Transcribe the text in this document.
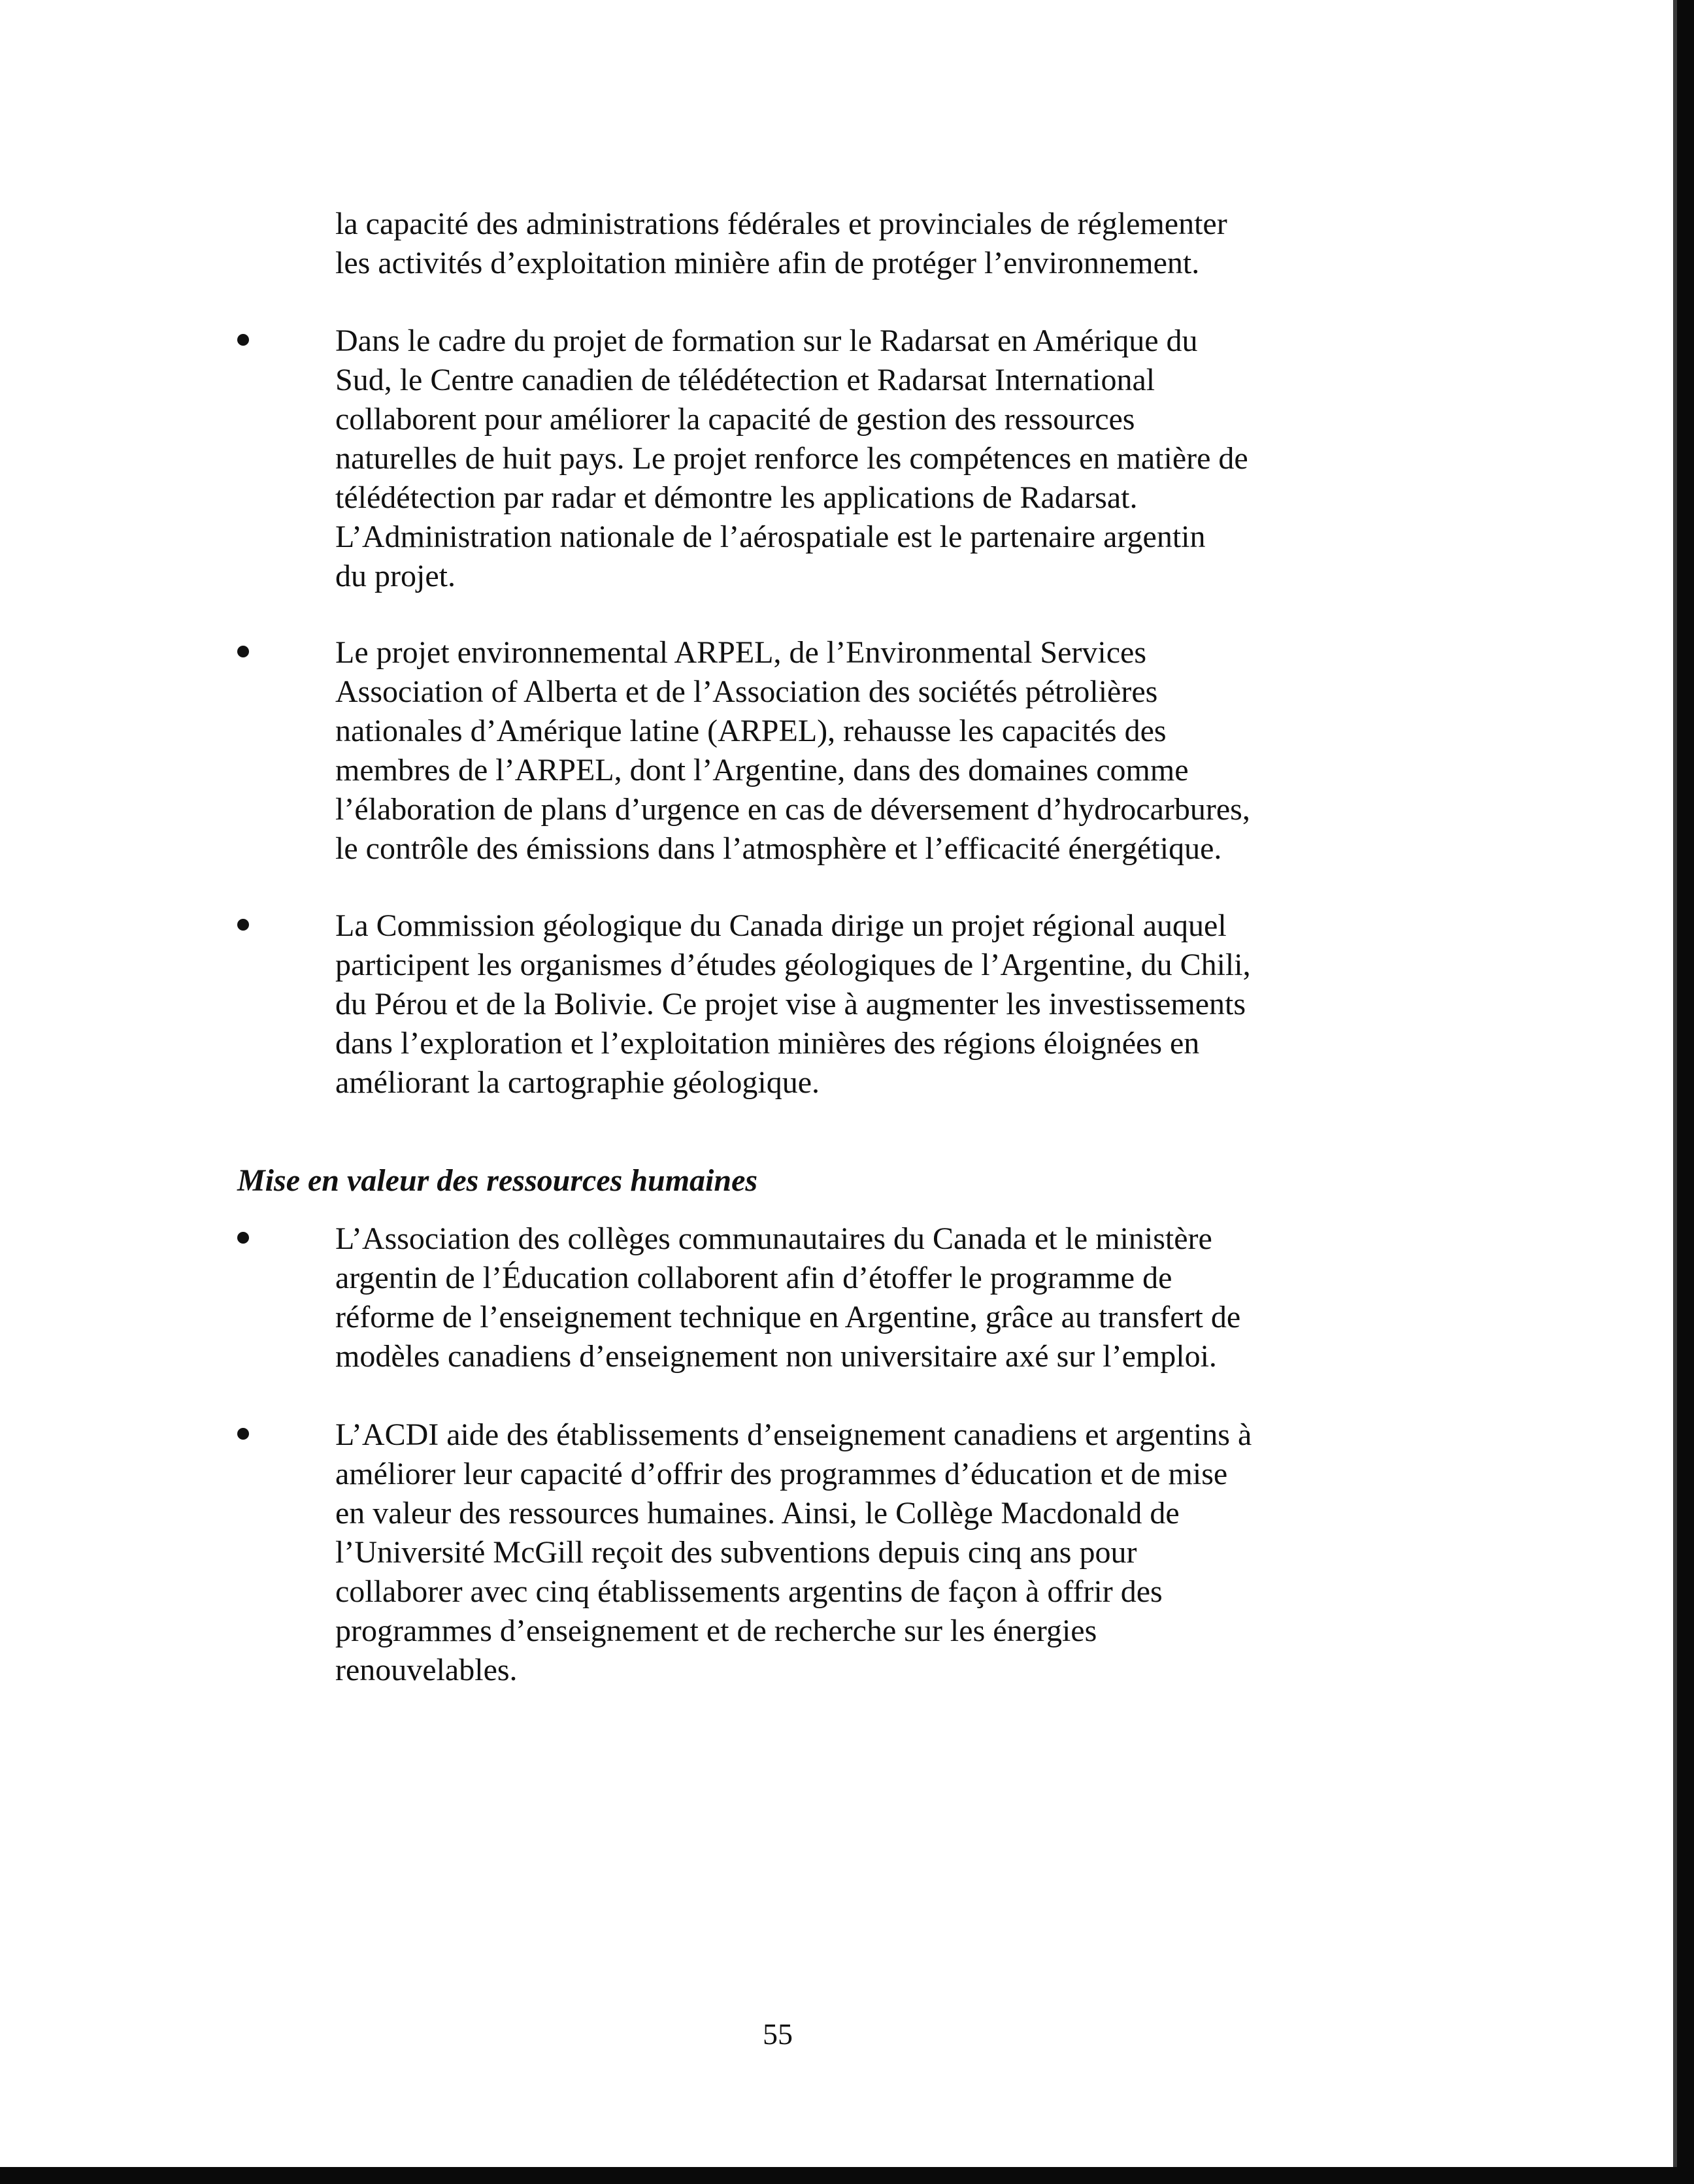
la capacité des administrations fédérales et provinciales de réglementer
les activités d’exploitation minière afin de protéger l’environnement.

Dans le cadre du projet de formation sur le Radarsat en Amérique du
Sud, le Centre canadien de télédétection et Radarsat International
collaborent pour améliorer la capacité de gestion des ressources
naturelles de huit pays. Le projet renforce les compétences en matière de
télédétection par radar et démontre les applications de Radarsat.
L’Administration nationale de l’aérospatiale est le partenaire argentin
du projet.

Le projet environnemental ARPEL, de l’Environmental Services
Association of Alberta et de l’Association des sociétés pétrolières
nationales d’Amérique latine (ARPEL), rehausse les capacités des
membres de l’ARPEL, dont l’Argentine, dans des domaines comme
l’élaboration de plans d’urgence en cas de déversement d’hydrocarbures,
le contrôle des émissions dans l’atmosphère et l’efficacité énergétique.

La Commission géologique du Canada dirige un projet régional auquel
participent les organismes d’études géologiques de l’Argentine, du Chili,
du Pérou et de la Bolivie. Ce projet vise à augmenter les investissements
dans l’exploration et l’exploitation minières des régions éloignées en
améliorant la cartographie géologique.

Mise en valeur des ressources humaines

L’Association des collèges communautaires du Canada et le ministère
argentin de l’Éducation collaborent afin d’étoffer le programme de
réforme de l’enseignement technique en Argentine, grâce au transfert de
modèles canadiens d’enseignement non universitaire axé sur l’emploi.

L’ACDI aide des établissements d’enseignement canadiens et argentins à
améliorer leur capacité d’offrir des programmes d’éducation et de mise
en valeur des ressources humaines. Ainsi, le Collège Macdonald de
l’Université McGill reçoit des subventions depuis cinq ans pour
collaborer avec cinq établissements argentins de façon à offrir des
programmes d’enseignement et de recherche sur les énergies
renouvelables.

55
